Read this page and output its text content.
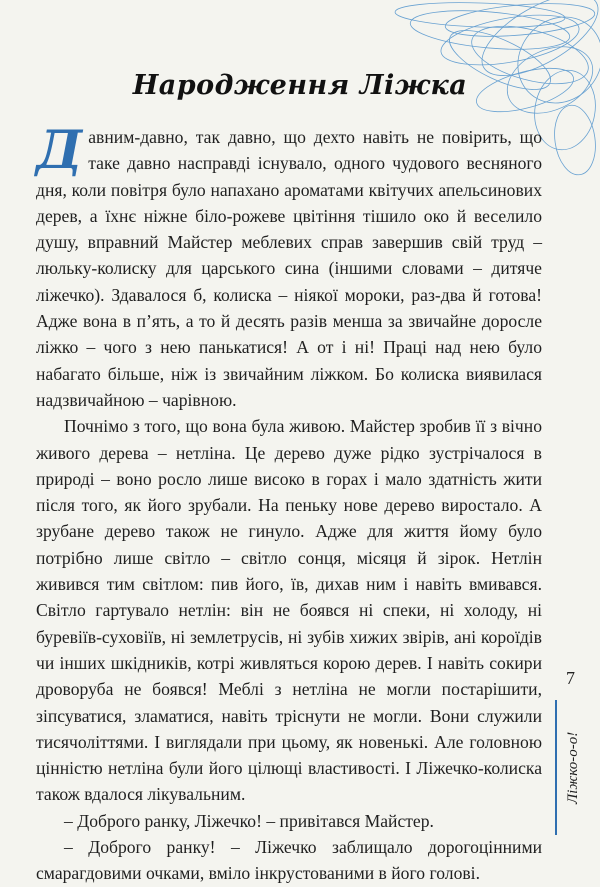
Народження Ліжка

Давним-давно, так давно, що дехто навіть не повірить, що таке давно насправді існувало, одного чудового весняного дня, коли повітря було напахано ароматами квітучих апельсинових дерев, а їхнє ніжне біло-рожеве цвітіння тішило око й веселило душу, вправний Майстер меблевих справ завершив свій труд – люльку-колиску для царського сина (іншими словами – дитяче ліжечко). Здавалося б, колиска – ніякої мороки, раз-два й готова! Адже вона в п’ять, а то й десять разів менша за звичайне доросле ліжко – чого з нею панькатися! А от і ні! Праці над нею було набагато більше, ніж із звичайним ліжком. Бо колиска виявилася надзвичайною – чарівною.

Почнімо з того, що вона була живою. Майстер зробив її з вічно живого дерева – нетліна. Це дерево дуже рідко зустрічалося в природі – воно росло лише високо в горах і мало здатність жити після того, як його зрубали. На пеньку нове дерево виростало. А зрубане дерево також не гинуло. Адже для життя йому було потрібно лише світло – світло сонця, місяця й зірок. Нетлін живився тим світлом: пив його, їв, дихав ним і навіть вмивався. Світло гартувало нетлін: він не боявся ні спеки, ні холоду, ні буревіїв-суховіїв, ні землетрусів, ні зубів хижих звірів, ані короїдів чи інших шкідників, котрі живляться корою дерев. І навіть сокири дроворуба не боявся! Меблі з нетліна не могли постарішити, зіпсуватися, зламатися, навіть тріснути не могли. Вони служили тисячоліттями. І виглядали при цьому, як новенькі. Але головною цінністю нетліна були його цілющі властивості. І Ліжечко-колиска також вдалося лікувальним.

– Доброго ранку, Ліжечко! – привітався Майстер.

– Доброго ранку! – Ліжечко заблищало дорогоцінними смарагдовими очками, вміло інкрустованими в його голові.

7
Ліжко-о-о!
